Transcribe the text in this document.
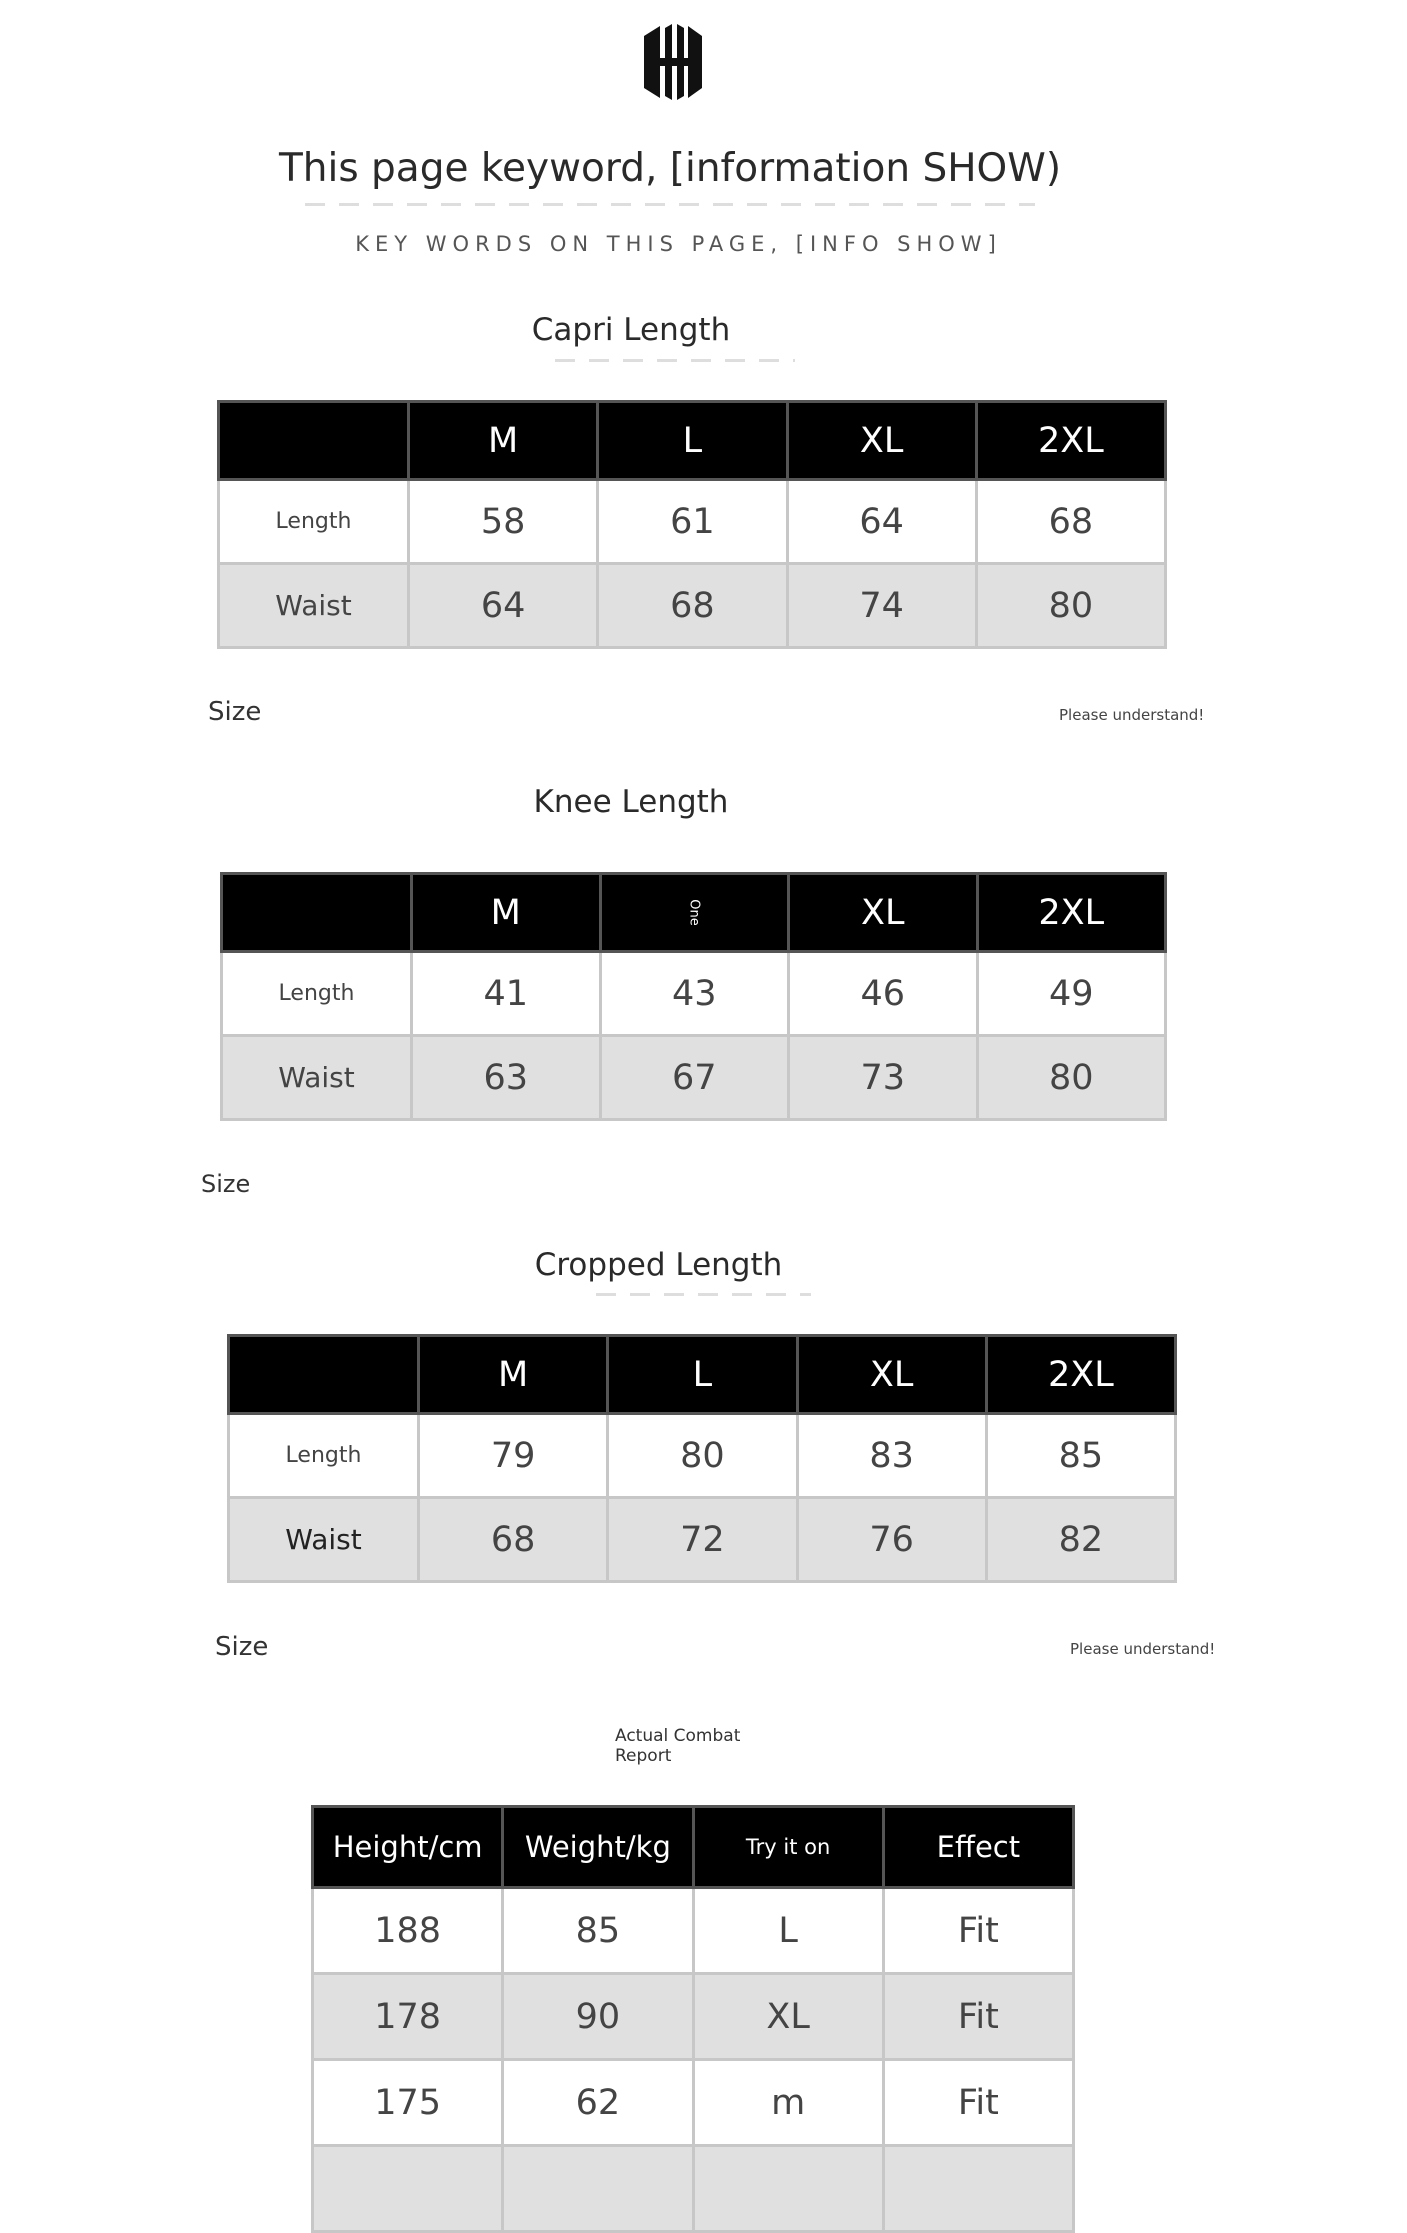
This page keyword, [information SHOW)
KEY WORDS ON THIS PAGE, [INFO SHOW]
Capri Length
	M	L	XL	2XL
Length	58	61	64	68
Waist	64	68	74	80
Size	Please understand!
Knee Length
	M	One	XL	2XL
Length	41	43	46	49
Waist	63	67	73	80
Size
Cropped Length
	M	L	XL	2XL
Length	79	80	83	85
Waist	68	72	76	82
Size	Please understand!
Actual Combat Report
Height/cm	Weight/kg	Try it on	Effect
188	85	L	Fit
178	90	XL	Fit
175	62	m	Fit
